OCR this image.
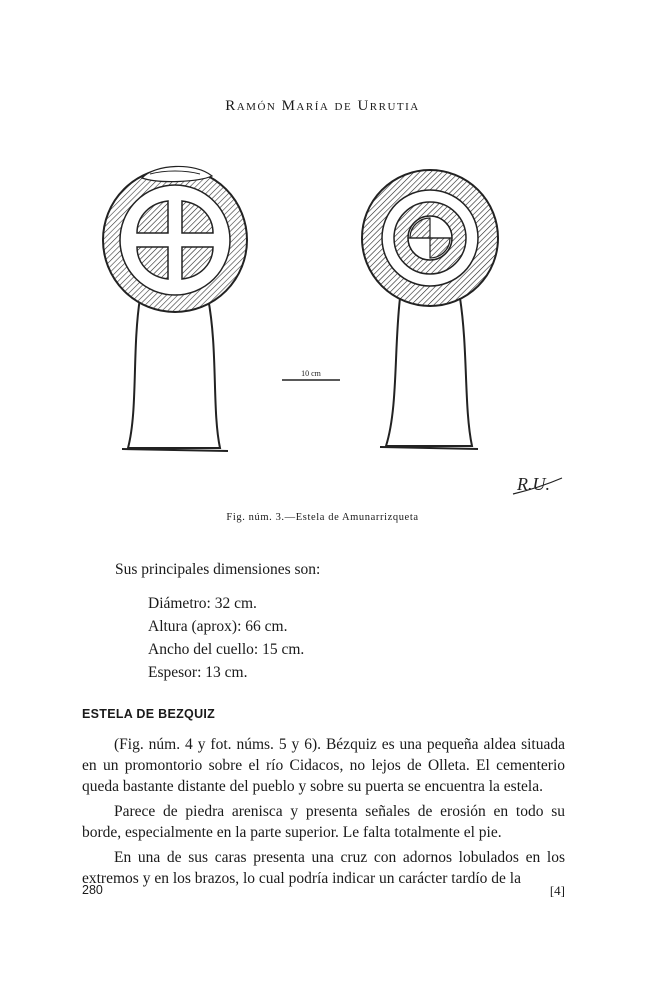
Ramón María de Urrutia
10 cm
R.U.
Fig. núm. 3.—Estela de Amunarrizqueta
Sus principales dimensiones son:
Diámetro: 32 cm.
Altura (aprox): 66 cm.
Ancho del cuello: 15 cm.
Espesor: 13 cm.
ESTELA DE BEZQUIZ

(Fig. núm. 4 y fot. núms. 5 y 6). Bézquiz es una pequeña aldea situada en un promontorio sobre el río Cidacos, no lejos de Olleta. El cementerio queda bastante distante del pueblo y sobre su puerta se encuentra la estela.

Parece de piedra arenisca y presenta señales de erosión en todo su borde, especialmente en la parte superior. Le falta totalmente el pie.

En una de sus caras presenta una cruz con adornos lobulados en los extremos y en los brazos, lo cual podría indicar un carácter tardío de la

280	[4]
